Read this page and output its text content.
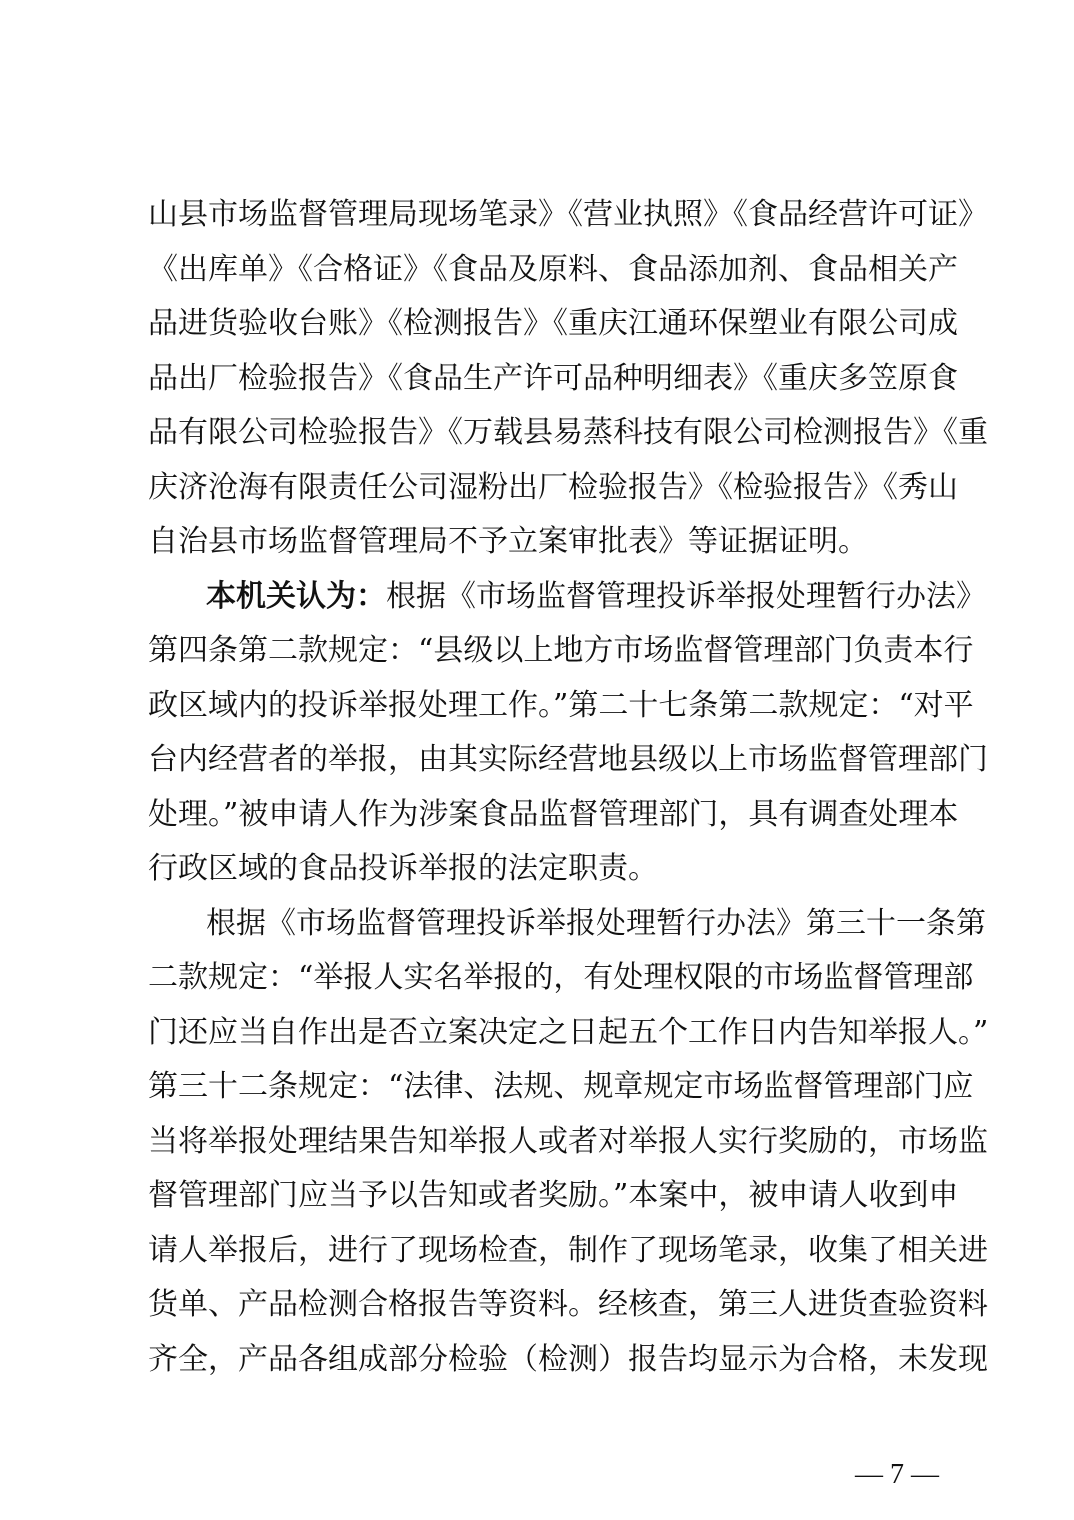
山县市场监督管理局现场笔录》《营业执照》《食品经营许可证》
《出库单》《合格证》《食品及原料、食品添加剂、食品相关产
品进货验收台账》《检测报告》《重庆江通环保塑业有限公司成
品出厂检验报告》《食品生产许可品种明细表》《重庆多笠原食
品有限公司检验报告》《万载县易蒸科技有限公司检测报告》《重
庆济沧海有限责任公司湿粉出厂检验报告》《检验报告》《秀山
自治县市场监督管理局不予立案审批表》等证据证明。
本机关认为：根据《市场监督管理投诉举报处理暂行办法》
第四条第二款规定：“县级以上地方市场监督管理部门负责本行
政区域内的投诉举报处理工作。”第二十七条第二款规定：“对平
台内经营者的举报，由其实际经营地县级以上市场监督管理部门
处理。”被申请人作为涉案食品监督管理部门，具有调查处理本
行政区域的食品投诉举报的法定职责。
根据《市场监督管理投诉举报处理暂行办法》第三十一条第
二款规定：“举报人实名举报的，有处理权限的市场监督管理部
门还应当自作出是否立案决定之日起五个工作日内告知举报人。”
第三十二条规定：“法律、法规、规章规定市场监督管理部门应
当将举报处理结果告知举报人或者对举报人实行奖励的，市场监
督管理部门应当予以告知或者奖励。”本案中，被申请人收到申
请人举报后，进行了现场检查，制作了现场笔录，收集了相关进
货单、产品检测合格报告等资料。经核查，第三人进货查验资料
齐全，产品各组成部分检验（检测）报告均显示为合格，未发现
— 7 —
